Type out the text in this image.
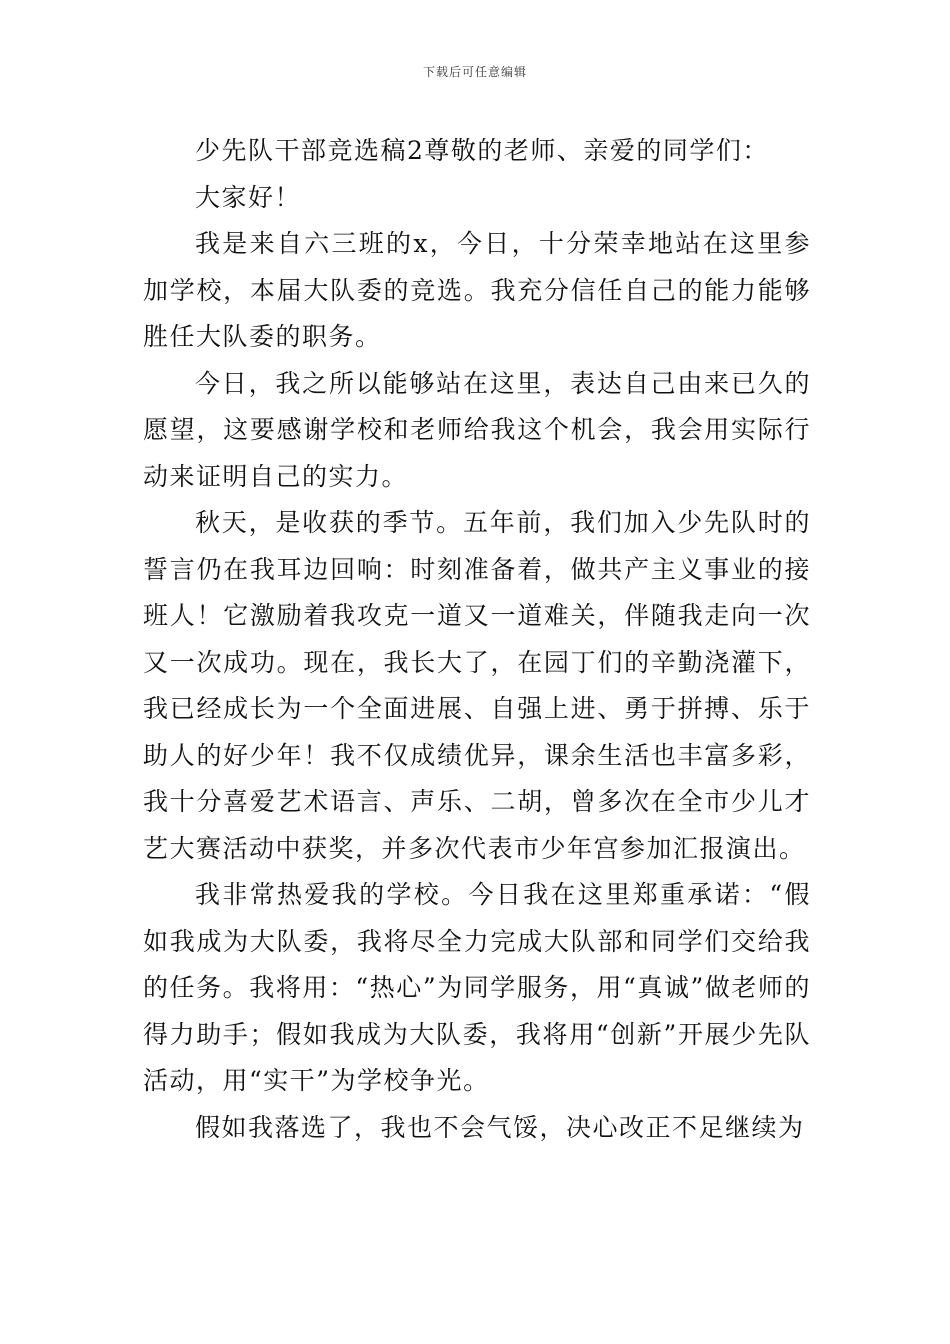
下载后可任意编辑

少先队干部竞选稿2尊敬的老师、亲爱的同学们：

大家好！

我是来自六三班的x，今日，十分荣幸地站在这里参加学校，本届大队委的竞选。我充分信任自己的能力能够胜任大队委的职务。

今日，我之所以能够站在这里，表达自己由来已久的愿望，这要感谢学校和老师给我这个机会，我会用实际行动来证明自己的实力。

秋天，是收获的季节。五年前，我们加入少先队时的誓言仍在我耳边回响：时刻准备着，做共产主义事业的接班人！它激励着我攻克一道又一道难关，伴随我走向一次又一次成功。现在，我长大了，在园丁们的辛勤浇灌下，我已经成长为一个全面进展、自强上进、勇于拼搏、乐于助人的好少年！我不仅成绩优异，课余生活也丰富多彩，我十分喜爱艺术语言、声乐、二胡，曾多次在全市少儿才艺大赛活动中获奖，并多次代表市少年宫参加汇报演出。

我非常热爱我的学校。今日我在这里郑重承诺：“假如我成为大队委，我将尽全力完成大队部和同学们交给我的任务。我将用：“热心”为同学服务，用“真诚”做老师的得力助手；假如我成为大队委，我将用“创新”开展少先队活动，用“实干”为学校争光。

假如我落选了，我也不会气馁，决心改正不足继续为
